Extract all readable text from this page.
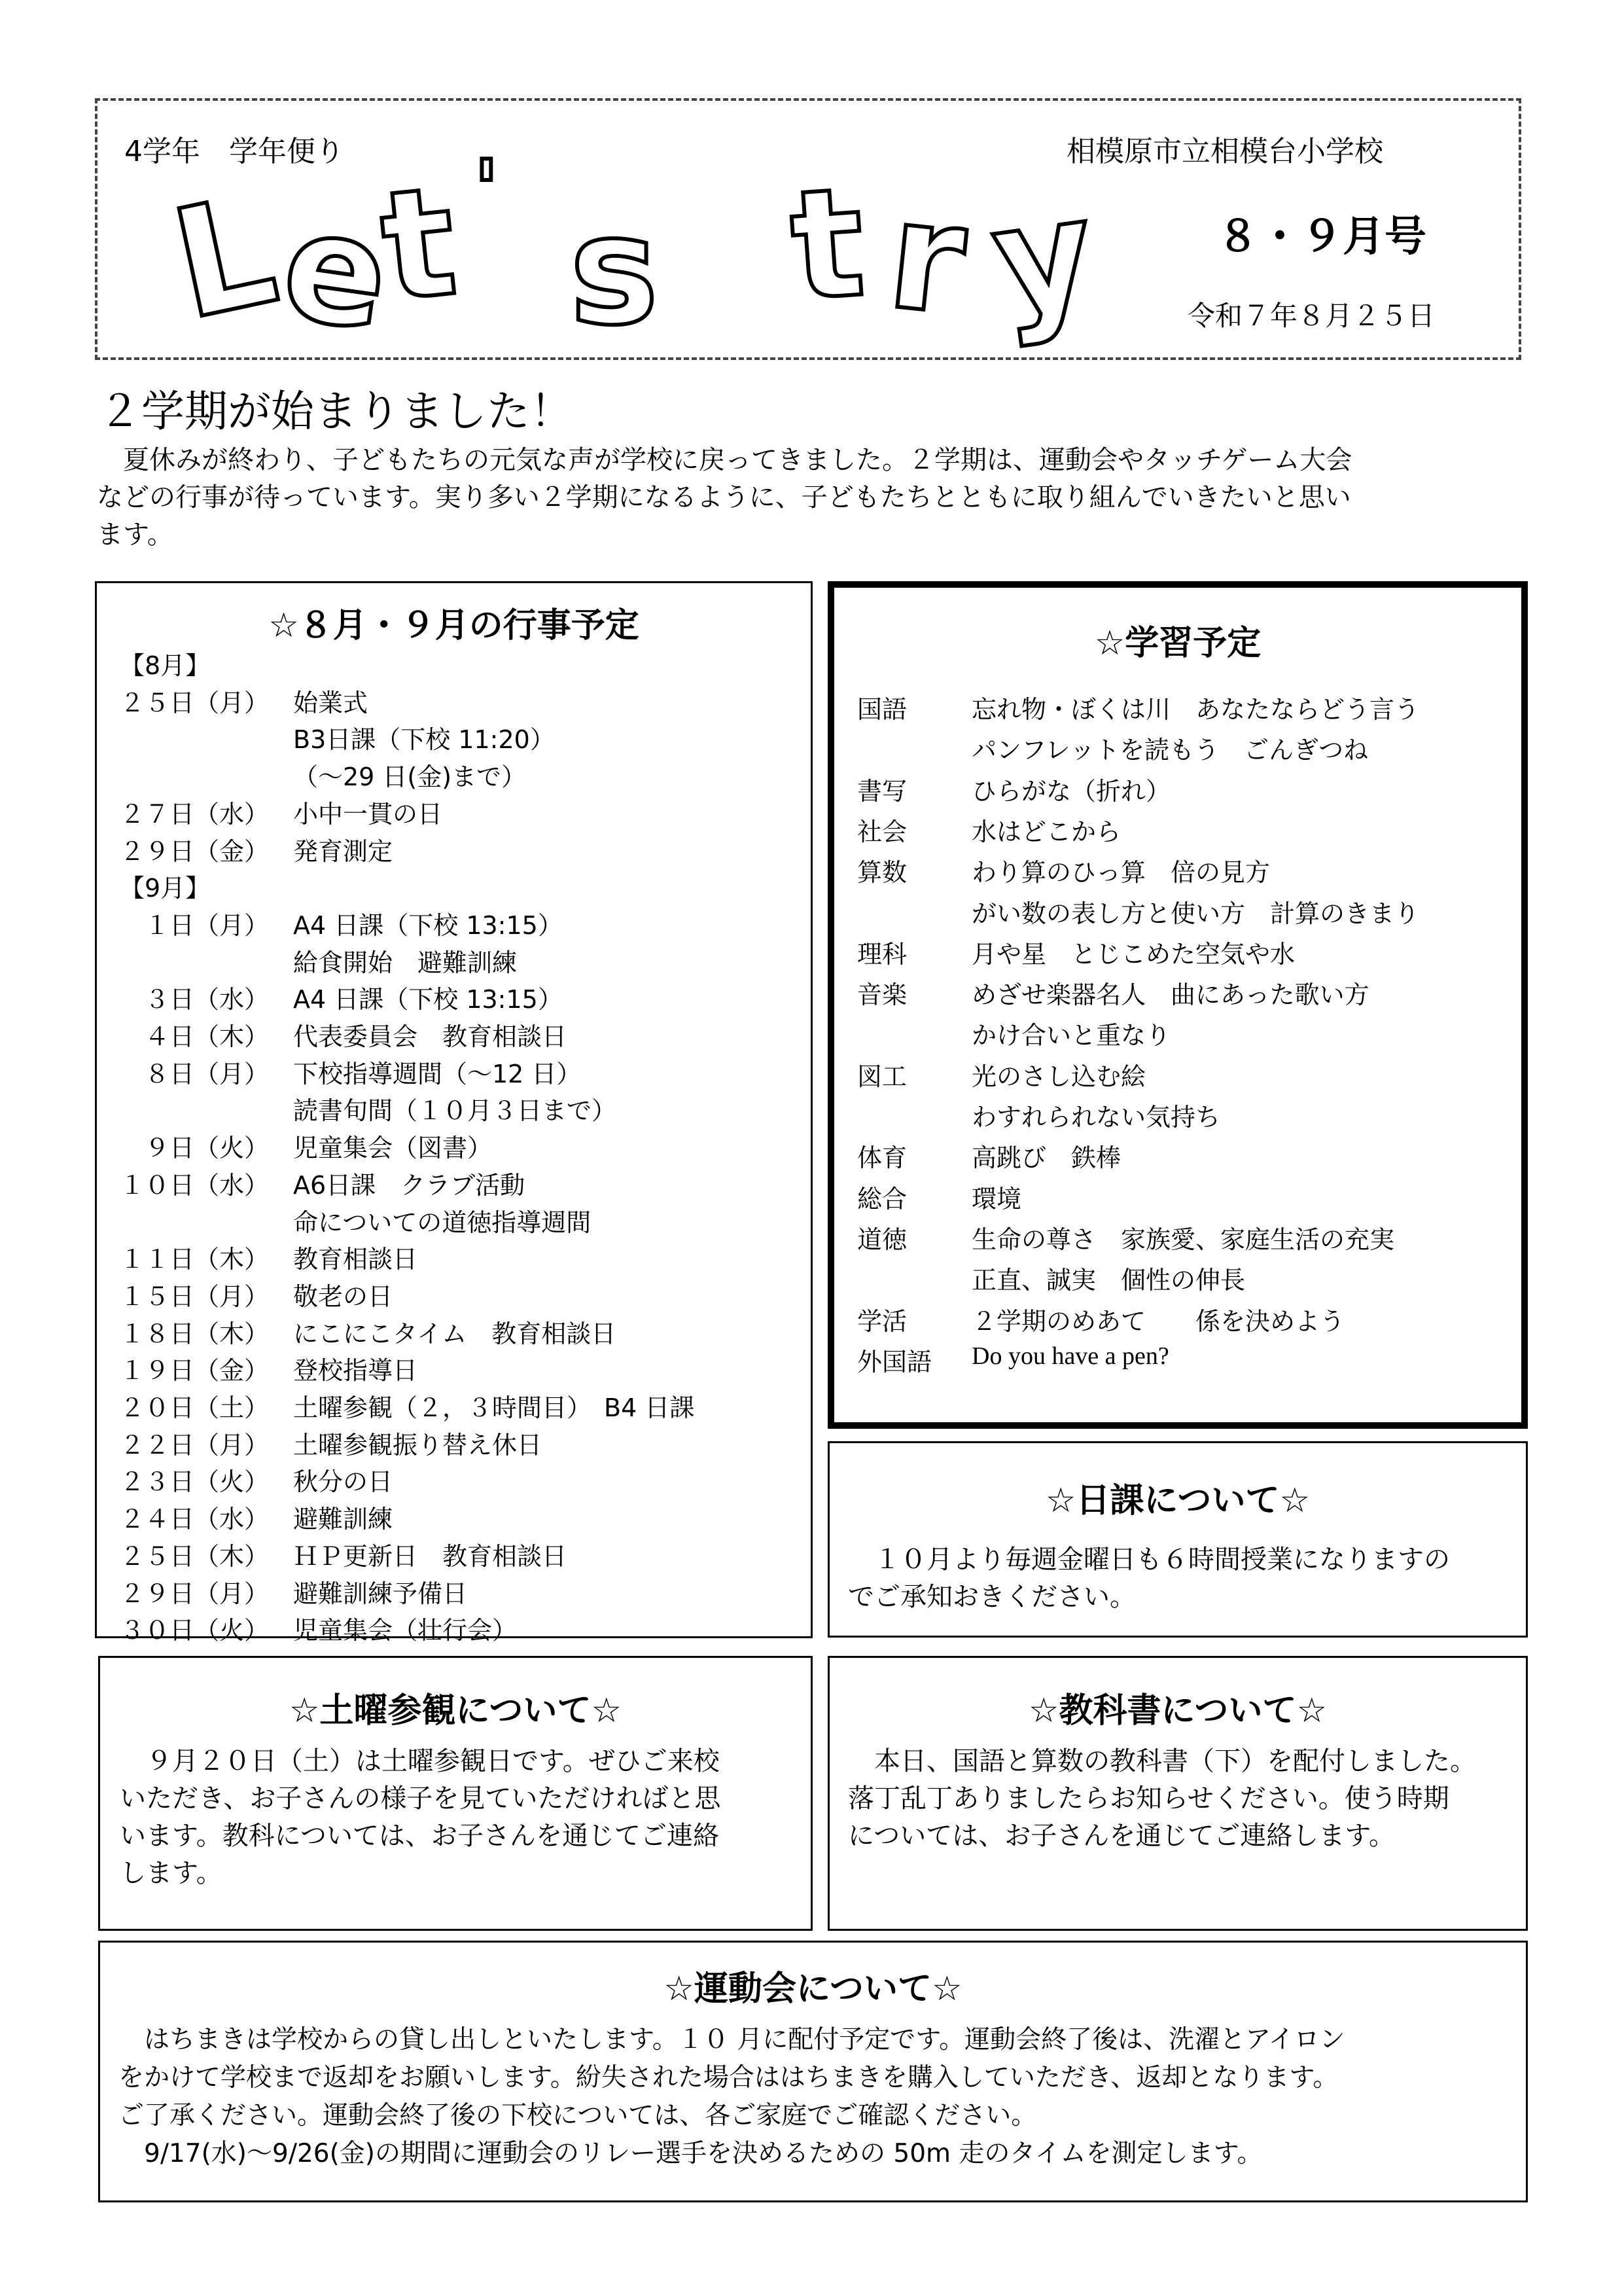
4学年　学年便り	相模原市立相模台小学校
L
e
t ' s t r y	８・９月号
令和７年８月２５日
２学期が始まりました！
　夏休みが終わり、子どもたちの元気な声が学校に戻ってきました。２学期は、運動会やタッチゲーム大会
などの行事が待っています。実り多い２学期になるように、子どもたちとともに取り組んでいきたいと思い
ます。
☆８月・９月の行事予定
【8月】
２５日（月） 始業式
B3日課（下校 11:20）
（～29 日(金)まで）
２７日（水） 小中一貫の日
２９日（金） 発育測定
【9月】
　１日（月） A4 日課（下校 13:15）
給食開始　避難訓練
　３日（水） A4 日課（下校 13:15）
　４日（木） 代表委員会　教育相談日
　８日（月） 下校指導週間（～12 日）
読書旬間（１０月３日まで）
　９日（火） 児童集会（図書）
１０日（水） A6日課　クラブ活動
命についての道徳指導週間
１１日（木） 教育相談日
１５日（月） 敬老の日
１８日（木） にこにこタイム　教育相談日
１９日（金） 登校指導日
２０日（土） 土曜参観（２，３時間目）　B4 日課
２２日（月） 土曜参観振り替え休日
２３日（火） 秋分の日
２４日（水） 避難訓練
２５日（木） ＨＰ更新日　教育相談日
２９日（月） 避難訓練予備日
３０日（火） 児童集会（壮行会）
☆学習予定
国語	忘れ物・ぼくは川　あなたならどう言う
パンフレットを読もう　ごんぎつね
書写	ひらがな（折れ）
社会	水はどこから
算数	わり算のひっ算　倍の見方
がい数の表し方と使い方　計算のきまり
理科	月や星　とじこめた空気や水
音楽	めざせ楽器名人　曲にあった歌い方
かけ合いと重なり
図工	光のさし込む絵
わすれられない気持ち
体育	高跳び　鉄棒
総合	環境
道徳	生命の尊さ　家族愛、家庭生活の充実
正直、誠実　個性の伸長
学活	２学期のめあて　　係を決めよう
外国語 Do you have a pen?
☆日課について☆
　１０月より毎週金曜日も６時間授業になりますの
でご承知おきください。
☆土曜参観について☆
　９月２０日（土）は土曜参観日です。ぜひご来校
いただき、お子さんの様子を見ていただければと思
います。教科については、お子さんを通じてご連絡
します。
☆教科書について☆
　本日、国語と算数の教科書（下）を配付しました。
落丁乱丁ありましたらお知らせください。使う時期
については、お子さんを通じてご連絡します。
☆運動会について☆
　はちまきは学校からの貸し出しといたします。１０ 月に配付予定です。運動会終了後は、洗濯とアイロン
をかけて学校まで返却をお願いします。紛失された場合ははちまきを購入していただき、返却となります。
ご了承ください。運動会終了後の下校については、各ご家庭でご確認ください。
　9/17(水)～9/26(金)の期間に運動会のリレー選手を決めるための 50m 走のタイムを測定します。
